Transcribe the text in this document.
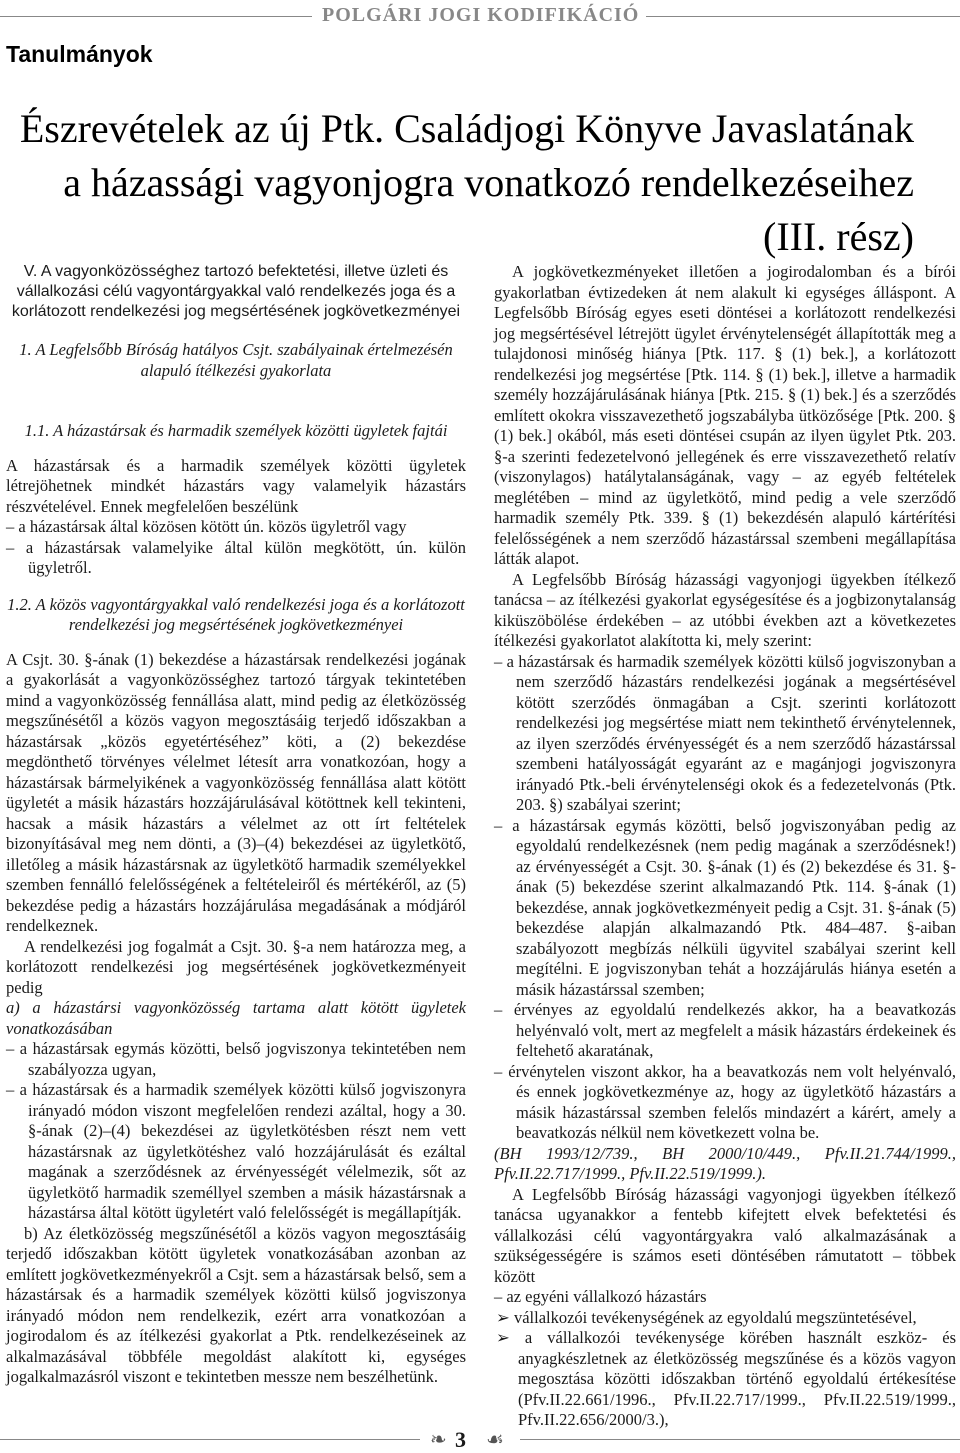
POLGÁRI JOGI KODIFIKÁCIÓ
Tanulmányok
Észrevételek az új Ptk. Családjogi Könyve Javaslatának
a házassági vagyonjogra vonatkozó rendelkezéseihez
(III. rész)

V. A vagyonközösséghez tartozó befektetési, illetve üzleti és vállalkozási célú vagyontárgyakkal való rendelkezés joga és a korlátozott rendelkezési jog megsértésének jogkövetkezményei

1. A Legfelsőbb Bíróság hatályos Csjt. szabályainak értelmezésén alapuló ítélkezési gyakorlata

1.1. A házastársak és harmadik személyek közötti ügyletek fajtái

A házastársak és a harmadik személyek közötti ügyletek létrejöhetnek mindkét házastárs vagy valamelyik házastárs részvételével. Ennek megfelelően beszélünk

– a házastársak által közösen kötött ún. közös ügyletről vagy

– a házastársak valamelyike által külön megkötött, ún. külön ügyletről.

1.2. A közös vagyontárgyakkal való rendelkezési joga és a korlátozott rendelkezési jog megsértésének jogkövetkezményei

A Csjt. 30. §-ának (1) bekezdése a házastársak rendelkezési jogának a gyakorlását a vagyonközösséghez tartozó tárgyak tekintetében mind a vagyonközösség fennállása alatt, mind pedig az életközösség megszűnésétől a közös vagyon megosztásáig terjedő időszakban a házastársak „közös egyetértéséhez” köti, a (2) bekezdése megdönthető törvényes vélelmet létesít arra vonatkozóan, hogy a házastársak bármelyikének a vagyonközösség fennállása alatt kötött ügyletét a másik házastárs hozzájárulásával kötöttnek kell tekinteni, hacsak a másik házastárs a vélelmet az ott írt feltételek bizonyításával meg nem dönti, a (3)–(4) bekezdései az ügyletkötő, illetőleg a másik házastársnak az ügyletkötő harmadik személyekkel szemben fennálló felelősségének a feltételeiről és mértékéről, az (5) bekezdése pedig a házastárs hozzájárulása megadásának a módjáról rendelkeznek.

A rendelkezési jog fogalmát a Csjt. 30. §-a nem határozza meg, a korlátozott rendelkezési jog megsértésének jogkövetkezményeit pedig

a) a házastársi vagyonközösség tartama alatt kötött ügyletek vonatkozásában

– a házastársak egymás közötti, belső jogviszonya tekintetében nem szabályozza ugyan,

– a házastársak és a harmadik személyek közötti külső jogviszonyra irányadó módon viszont megfelelően rendezi azáltal, hogy a 30. §-ának (2)–(4) bekezdései az ügyletkötésben részt nem vett házastársnak az ügyletkötéshez való hozzájárulását és ezáltal magának a szerződésnek az érvényességét vélelmezik, sőt az ügyletkötő harmadik személlyel szemben a másik házastársnak a házastársa által kötött ügyletért való felelősségét is megállapítják.

b) Az életközösség megszűnésétől a közös vagyon megosztásáig terjedő időszakban kötött ügyletek vonatkozásában azonban az említett jogkövetkezményekről a Csjt. sem a házastársak belső, sem a házastársak és a harmadik személyek közötti külső jogviszonya irányadó módon nem rendelkezik, ezért arra vonatkozóan a jogirodalom és az ítélkezési gyakorlat a Ptk. rendelkezéseinek az alkalmazásával többféle megoldást alakított ki, egységes jogalkalmazásról viszont e tekintetben messze nem beszélhetünk.

A jogkövetkezményeket illetően a jogirodalomban és a bírói gyakorlatban évtizedeken át nem alakult ki egységes álláspont. A Legfelsőbb Bíróság egyes eseti döntései a korlátozott rendelkezési jog megsértésével létrejött ügylet érvénytelenségét állapították meg a tulajdonosi minőség hiánya [Ptk. 117. § (1) bek.], a korlátozott rendelkezési jog megsértése [Ptk. 114. § (1) bek.], illetve a harmadik személy hozzájárulásának hiánya [Ptk. 215. § (1) bek.] és a szerződés említett okokra visszavezethető jogszabályba ütközősége [Ptk. 200. § (1) bek.] okából, más eseti döntései csupán az ilyen ügylet Ptk. 203. §-a szerinti fedezetelvonó jellegének és erre visszavezethető relatív (viszonylagos) hatálytalanságának, vagy – az egyéb feltételek meglétében – mind az ügyletkötő, mind pedig a vele szerződő harmadik személy Ptk. 339. § (1) bekezdésén alapuló kártérítési felelősségének a nem szerződő házastárssal szembeni megállapítása látták alapot.

A Legfelsőbb Bíróság házassági vagyonjogi ügyekben ítélkező tanácsa – az ítélkezési gyakorlat egységesítése és a jogbizonytalanság kiküszöbölése érdekében – az utóbbi években azt a következetes ítélkezési gyakorlatot alakította ki, mely szerint:

– a házastársak és harmadik személyek közötti külső jogviszonyban a nem szerződő házastárs rendelkezési jogának a megsértésével kötött szerződés önmagában a Csjt. szerinti korlátozott rendelkezési jog megsértése miatt nem tekinthető érvénytelennek, az ilyen szerződés érvényességét és a nem szerződő házastárssal szembeni hatályosságát egyaránt az e magánjogi jogviszonyra irányadó Ptk.-beli érvénytelenségi okok és a fedezetelvonás (Ptk. 203. §) szabályai szerint;

– a házastársak egymás közötti, belső jogviszonyában pedig az egyoldalú rendelkezésnek (nem pedig magának a szerződésnek!) az érvényességét a Csjt. 30. §-ának (1) és (2) bekezdése és 31. §-ának (5) bekezdése szerint alkalmazandó Ptk. 114. §-ának (1) bekezdése, annak jogkövetkezményeit pedig a Csjt. 31. §-ának (5) bekezdése alapján alkalmazandó Ptk. 484–487. §-aiban szabályozott megbízás nélküli ügyvitel szabályai szerint kell megítélni. E jogviszonyban tehát a hozzájárulás hiánya esetén a másik házastárssal szemben;

– érvényes az egyoldalú rendelkezés akkor, ha a beavatkozás helyénvaló volt, mert az megfelelt a másik házastárs érdekeinek és feltehető akaratának,

– érvénytelen viszont akkor, ha a beavatkozás nem volt helyénvaló, és ennek jogkövetkezménye az, hogy az ügyletkötő házastárs a másik házastárssal szemben felelős mindazért a kárért, amely a beavatkozás nélkül nem következett volna be.

(BH 1993/12/739., BH 2000/10/449., Pfv.II.21.744/1999., Pfv.II.22.717/1999., Pfv.II.22.519/1999.).

A Legfelsőbb Bíróság házassági vagyonjogi ügyekben ítélkező tanácsa ugyanakkor a fentebb kifejtett elvek befektetési és vállalkozási célú vagyontárgyakra való alkalmazásának a szükségességére is számos eseti döntésében rámutatott – többek között

– az egyéni vállalkozó házastárs

➢ vállalkozói tevékenységének az egyoldalú megszüntetésével,

➢ a vállalkozói tevékenysége körében használt eszköz- és anyagkészletnek az életközösség megszűnése és a közös vagyon megosztása közötti időszakban történő egyoldalú értékesítése (Pfv.II.22.661/1996., Pfv.II.22.717/1999., Pfv.II.22.519/1999., Pfv.II.22.656/2000/3.),

❧ 3 ☙
